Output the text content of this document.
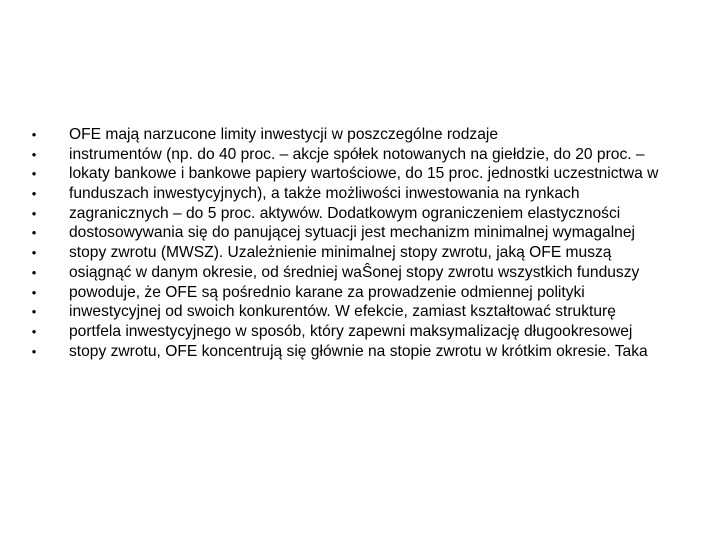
• OFE mają narzucone limity inwestycji w poszczególne rodzaje
• instrumentów (np. do 40 proc. – akcje spółek notowanych na giełdzie, do 20 proc. –
• lokaty bankowe i bankowe papiery wartościowe, do 15 proc. jednostki uczestnictwa w
• funduszach inwestycyjnych), a także możliwości inwestowania na rynkach
• zagranicznych – do 5 proc. aktywów. Dodatkowym ograniczeniem elastyczności
• dostosowywania się do panującej sytuacji jest mechanizm minimalnej wymagalnej
• stopy zwrotu (MWSZ). Uzależnienie minimalnej stopy zwrotu, jaką OFE muszą
• osiągnąć w danym okresie, od średniej waŜonej stopy zwrotu wszystkich funduszy
• powoduje, że OFE są pośrednio karane za prowadzenie odmiennej polityki
• inwestycyjnej od swoich konkurentów. W efekcie, zamiast kształtować strukturę
• portfela inwestycyjnego w sposób, który zapewni maksymalizację długookresowej
• stopy zwrotu, OFE koncentrują się głównie na stopie zwrotu w krótkim okresie. Taka
